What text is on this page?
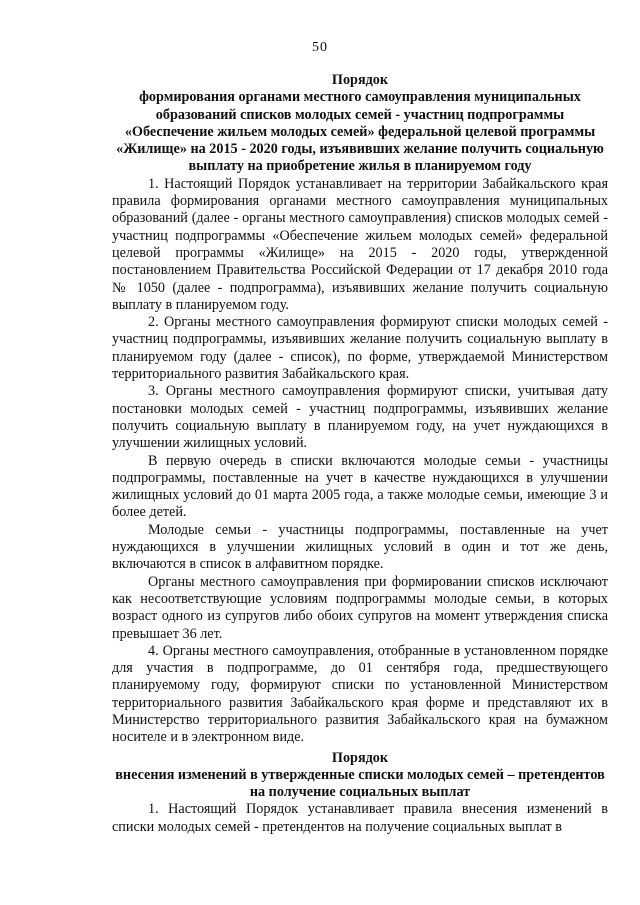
50

Порядок

формирования органами местного самоуправления муниципальных образований списков молодых семей - участниц подпрограммы «Обеспечение жильем молодых семей» федеральной целевой программы «Жилище» на 2015 - 2020 годы, изъявивших желание получить социальную выплату на приобретение жилья в планируемом году

1. Настоящий Порядок устанавливает на территории Забайкальского края правила формирования органами местного самоуправления муниципальных образований (далее - органы местного самоуправления) списков молодых семей - участниц подпрограммы «Обеспечение жильем молодых семей» федеральной целевой программы «Жилище» на 2015 - 2020 годы, утвержденной постановлением Правительства Российской Федерации от 17 декабря 2010 года № 1050 (далее - подпрограмма), изъявивших желание получить социальную выплату в планируемом году.

2. Органы местного самоуправления формируют списки молодых семей - участниц подпрограммы, изъявивших желание получить социальную выплату в планируемом году (далее - список), по форме, утверждаемой Министерством территориального развития Забайкальского края.

3. Органы местного самоуправления формируют списки, учитывая дату постановки молодых семей - участниц подпрограммы, изъявивших желание получить социальную выплату в планируемом году, на учет нуждающихся в улучшении жилищных условий.

В первую очередь в списки включаются молодые семьи - участницы подпрограммы, поставленные на учет в качестве нуждающихся в улучшении жилищных условий до 01 марта 2005 года, а также молодые семьи, имеющие 3 и более детей.

Молодые семьи - участницы подпрограммы, поставленные на учет нуждающихся в улучшении жилищных условий в один и тот же день, включаются в список в алфавитном порядке.

Органы местного самоуправления при формировании списков исключают как несоответствующие условиям подпрограммы молодые семьи, в которых возраст одного из супругов либо обоих супругов на момент утверждения списка превышает 36 лет.

4. Органы местного самоуправления, отобранные в установленном порядке для участия в подпрограмме, до 01 сентября года, предшествующего планируемому году, формируют списки по установленной Министерством территориального развития Забайкальского края форме и представляют их в Министерство территориального развития Забайкальского края на бумажном носителе и в электронном виде.

Порядок

внесения изменений в утвержденные списки молодых семей – претендентов на получение социальных выплат

1. Настоящий Порядок устанавливает правила внесения изменений в списки молодых семей - претендентов на получение социальных выплат в
